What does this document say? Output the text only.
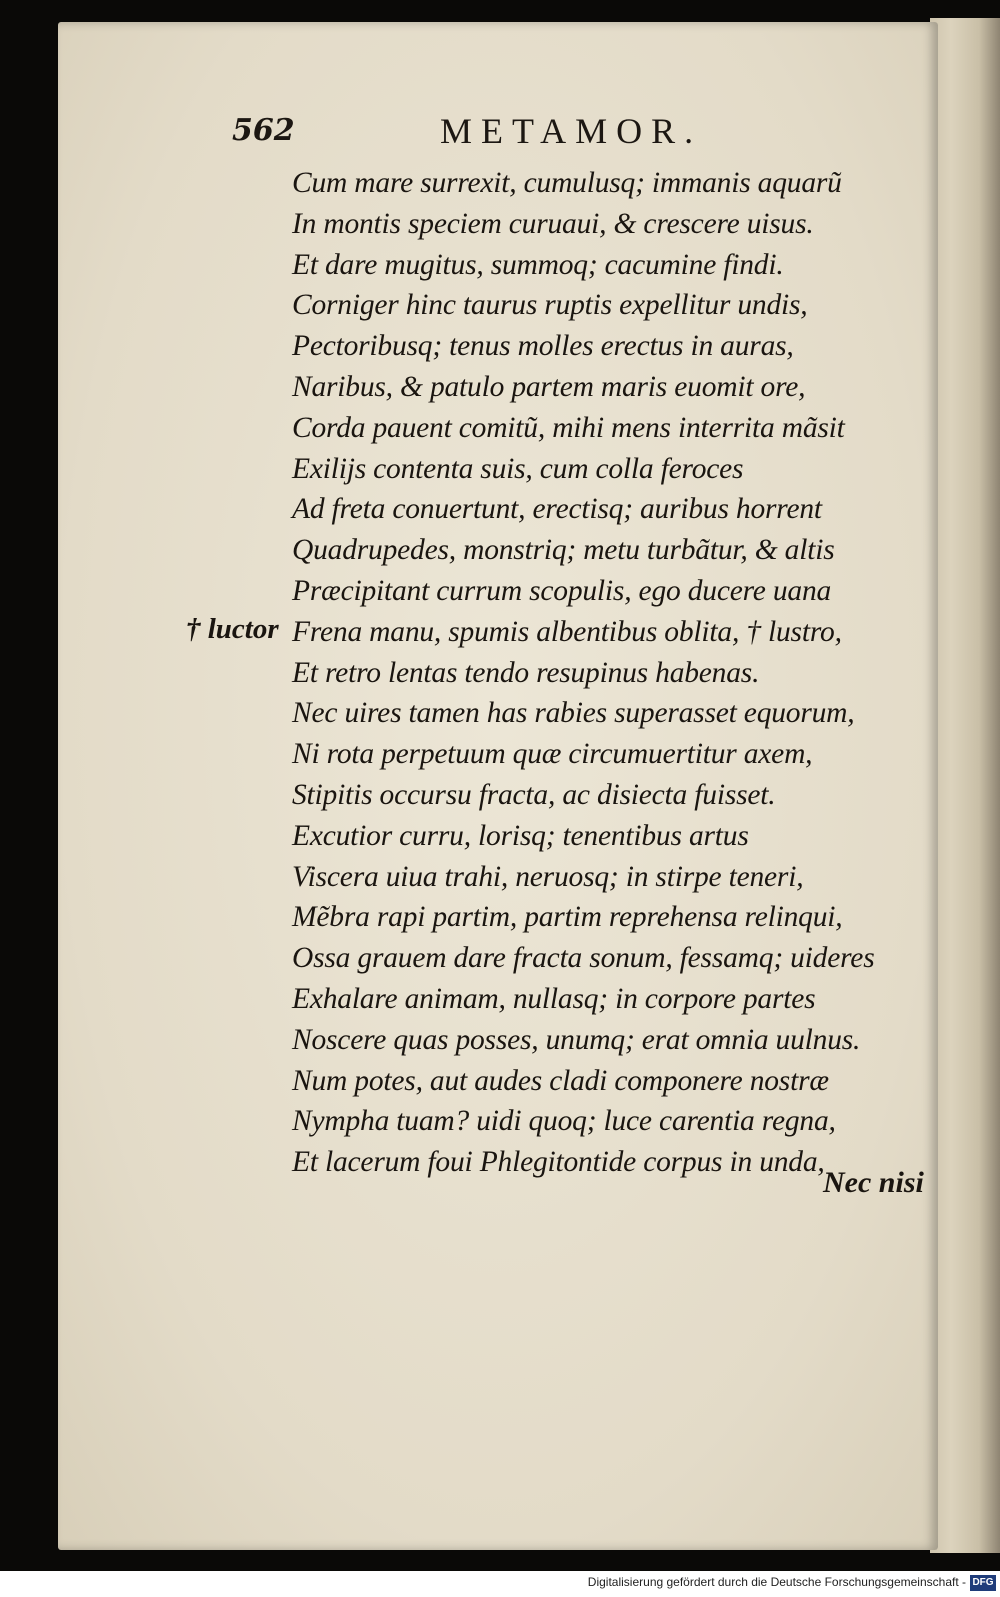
562	METAMOR.
† luctor
Cum mare surrexit, cumulusq; immanis aquarũ
In montis speciem curuaui, & crescere uisus.
Et dare mugitus, summoq; cacumine findi.
Corniger hinc taurus ruptis expellitur undis,
Pectoribusq; tenus molles erectus in auras,
Naribus, & patulo partem maris euomit ore,
Corda pauent comitũ, mihi mens interrita mãsit
Exilijs contenta suis, cum colla feroces
Ad freta conuertunt, erectisq; auribus horrent
Quadrupedes, monstriq; metu turbãtur, & altis
Præcipitant currum scopulis, ego ducere uana
Frena manu, spumis albentibus oblita, † lustro,
Et retro lentas tendo resupinus habenas.
Nec uires tamen has rabies superasset equorum,
Ni rota perpetuum quæ circumuertitur axem,
Stipitis occursu fracta, ac disiecta fuisset.
Excutior curru, lorisq; tenentibus artus
Viscera uiua trahi, neruosq; in stirpe teneri,
Mẽbra rapi partim, partim reprehensa relinqui,
Ossa grauem dare fracta sonum, fessamq; uideres
Exhalare animam, nullasq; in corpore partes
Noscere quas posses, unumq; erat omnia uulnus.
Num potes, aut audes cladi componere nostræ
Nympha tuam? uidi quoq; luce carentia regna,
Et lacerum foui Phlegitontide corpus in unda,
Nec nisi
Digitalisierung gefördert durch die Deutsche Forschungsgemeinschaft - DFG
